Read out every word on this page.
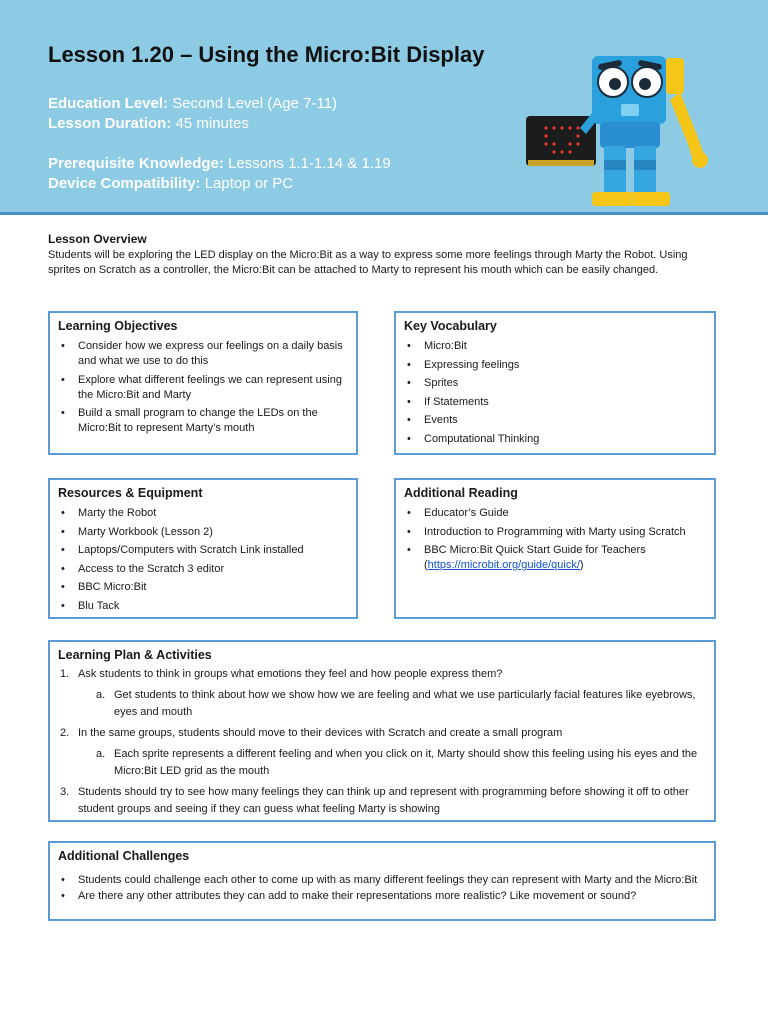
Lesson 1.20 – Using the Micro:Bit Display
Education Level: Second Level (Age 7-11)
Lesson Duration: 45 minutes
Prerequisite Knowledge: Lessons 1.1-1.14 & 1.19
Device Compatibility: Laptop or PC
Lesson Overview

Students will be exploring the LED display on the Micro:Bit as a way to express some more feelings through Marty the Robot. Using sprites on Scratch as a controller, the Micro:Bit can be attached to Marty to represent his mouth which can be easily changed.

Learning Objectives
• Consider how we express our feelings on a daily basis and what we use to do this
• Explore what different feelings we can represent using the Micro:Bit and Marty
• Build a small program to change the LEDs on the Micro:Bit to represent Marty’s mouth
Key Vocabulary
• Micro:Bit
• Expressing feelings
• Sprites
• If Statements
• Events
• Computational Thinking
Resources & Equipment
• Marty the Robot
• Marty Workbook (Lesson 2)
• Laptops/Computers with Scratch Link installed
• Access to the Scratch 3 editor
• BBC Micro:Bit
• Blu Tack
Additional Reading
• Educator’s Guide
• Introduction to Programming with Marty using Scratch
• BBC Micro:Bit Quick Start Guide for Teachers
(https://microbit.org/guide/quick/)
Learning Plan & Activities
1. Ask students to think in groups what emotions they feel and how people express them?
a. Get students to think about how we show how we are feeling and what we use particularly facial features like eyebrows, eyes and mouth
2. In the same groups, students should move to their devices with Scratch and create a small program
a. Each sprite represents a different feeling and when you click on it, Marty should show this feeling using his eyes and the Micro:Bit LED grid as the mouth
3. Students should try to see how many feelings they can think up and represent with programming before showing it off to other student groups and seeing if they can guess what feeling Marty is showing
Additional Challenges
• Students could challenge each other to come up with as many different feelings they can represent with Marty and the Micro:Bit
• Are there any other attributes they can add to make their representations more realistic? Like movement or sound?
